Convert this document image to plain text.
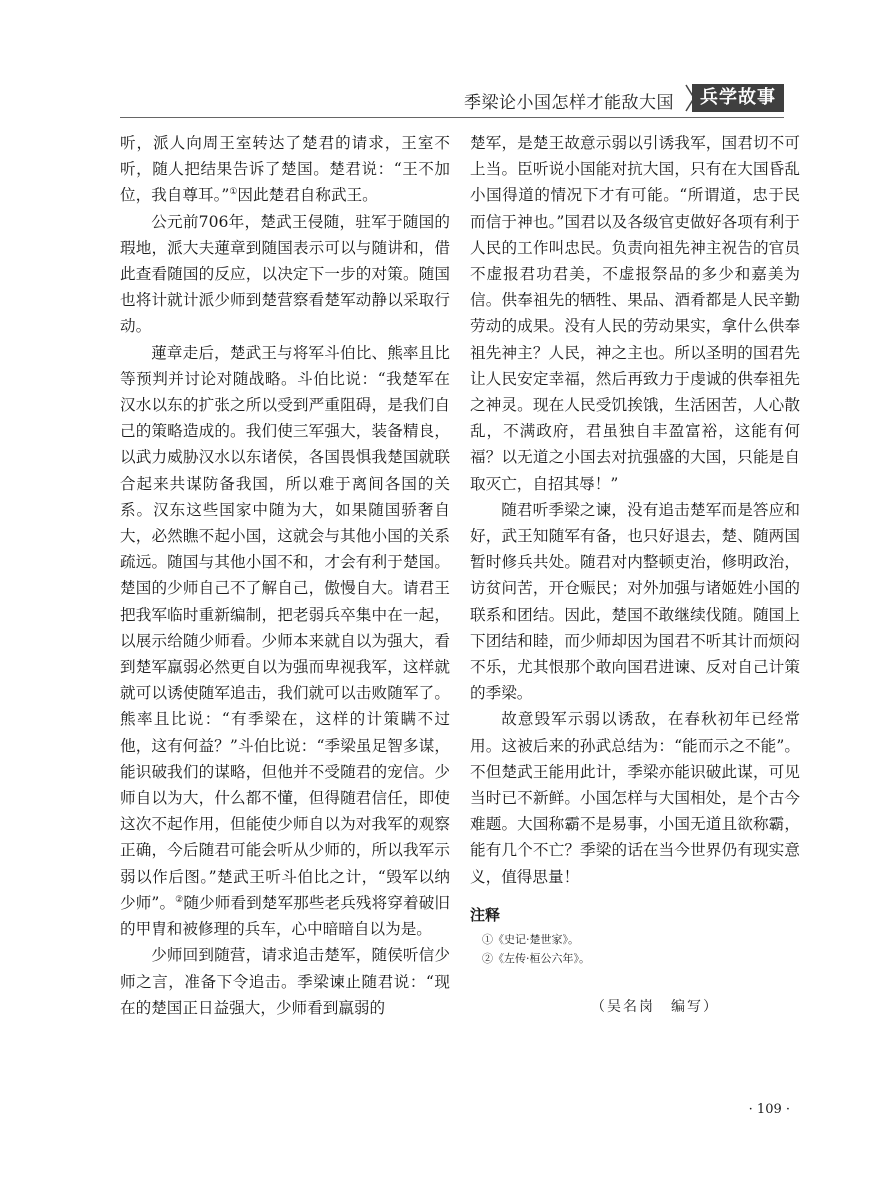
季梁论小国怎样才能敌大国	兵学故事

听，派人向周王室转达了楚君的请求，王室不听，随人把结果告诉了楚国。楚君说：“王不加位，我自尊耳。”①因此楚君自称武王。

公元前706年，楚武王侵随，驻军于随国的瑕地，派大夫蓮章到随国表示可以与随讲和，借此查看随国的反应，以决定下一步的对策。随国也将计就计派少师到楚营察看楚军动静以采取行动。

蓮章走后，楚武王与将军斗伯比、熊率且比等预判并讨论对随战略。斗伯比说：“我楚军在汉水以东的扩张之所以受到严重阻碍，是我们自己的策略造成的。我们使三军强大，装备精良，以武力威胁汉水以东诸侯，各国畏惧我楚国就联合起来共谋防备我国，所以难于离间各国的关系。汉东这些国家中随为大，如果随国骄奢自大，必然瞧不起小国，这就会与其他小国的关系疏远。随国与其他小国不和，才会有利于楚国。楚国的少师自己不了解自己，傲慢自大。请君王把我军临时重新编制，把老弱兵卒集中在一起，以展示给随少师看。少师本来就自以为强大，看到楚军羸弱必然更自以为强而卑视我军，这样就就可以诱使随军追击，我们就可以击败随军了。熊率且比说：“有季梁在，这样的计策瞒不过他，这有何益？”斗伯比说：“季梁虽足智多谋，能识破我们的谋略，但他并不受随君的宠信。少师自以为大，什么都不懂，但得随君信任，即使这次不起作用，但能使少师自以为对我军的观察正确，今后随君可能会听从少师的，所以我军示弱以作后图。”楚武王听斗伯比之计，“毁军以纳少师”。②随少师看到楚军那些老兵残将穿着破旧的甲胄和被修理的兵车，心中暗暗自以为是。

少师回到随营，请求追击楚军，随侯听信少师之言，准备下令追击。季梁谏止随君说：“现在的楚国正日益强大，少师看到羸弱的

楚军，是楚王故意示弱以引诱我军，国君切不可上当。臣听说小国能对抗大国，只有在大国昏乱小国得道的情况下才有可能。“所谓道，忠于民而信于神也。”国君以及各级官吏做好各项有利于人民的工作叫忠民。负责向祖先神主祝告的官员不虚报君功君美，不虚报祭品的多少和嘉美为信。供奉祖先的牺牲、果品、酒肴都是人民辛勤劳动的成果。没有人民的劳动果实，拿什么供奉祖先神主？人民，神之主也。所以圣明的国君先让人民安定幸福，然后再致力于虔诚的供奉祖先之神灵。现在人民受饥挨饿，生活困苦，人心散乱，不满政府，君虽独自丰盈富裕，这能有何福？以无道之小国去对抗强盛的大国，只能是自取灭亡，自招其辱！”

随君听季梁之谏，没有追击楚军而是答应和好，武王知随军有备，也只好退去，楚、随两国暂时修兵共处。随君对内整顿吏治，修明政治，访贫问苦，开仓赈民；对外加强与诸姬姓小国的联系和团结。因此，楚国不敢继续伐随。随国上下团结和睦，而少师却因为国君不听其计而烦闷不乐，尤其恨那个敢向国君进谏、反对自己计策的季梁。

故意毁军示弱以诱敌，在春秋初年已经常用。这被后来的孙武总结为：“能而示之不能”。不但楚武王能用此计，季梁亦能识破此谋，可见当时已不新鲜。小国怎样与大国相处，是个古今难题。大国称霸不是易事，小国无道且欲称霸，能有几个不亡？季梁的话在当今世界仍有现实意义，值得思量！

注释
①《史记·楚世家》。
②《左传·桓公六年》。
（吴名岗　编写）
· 109 ·
